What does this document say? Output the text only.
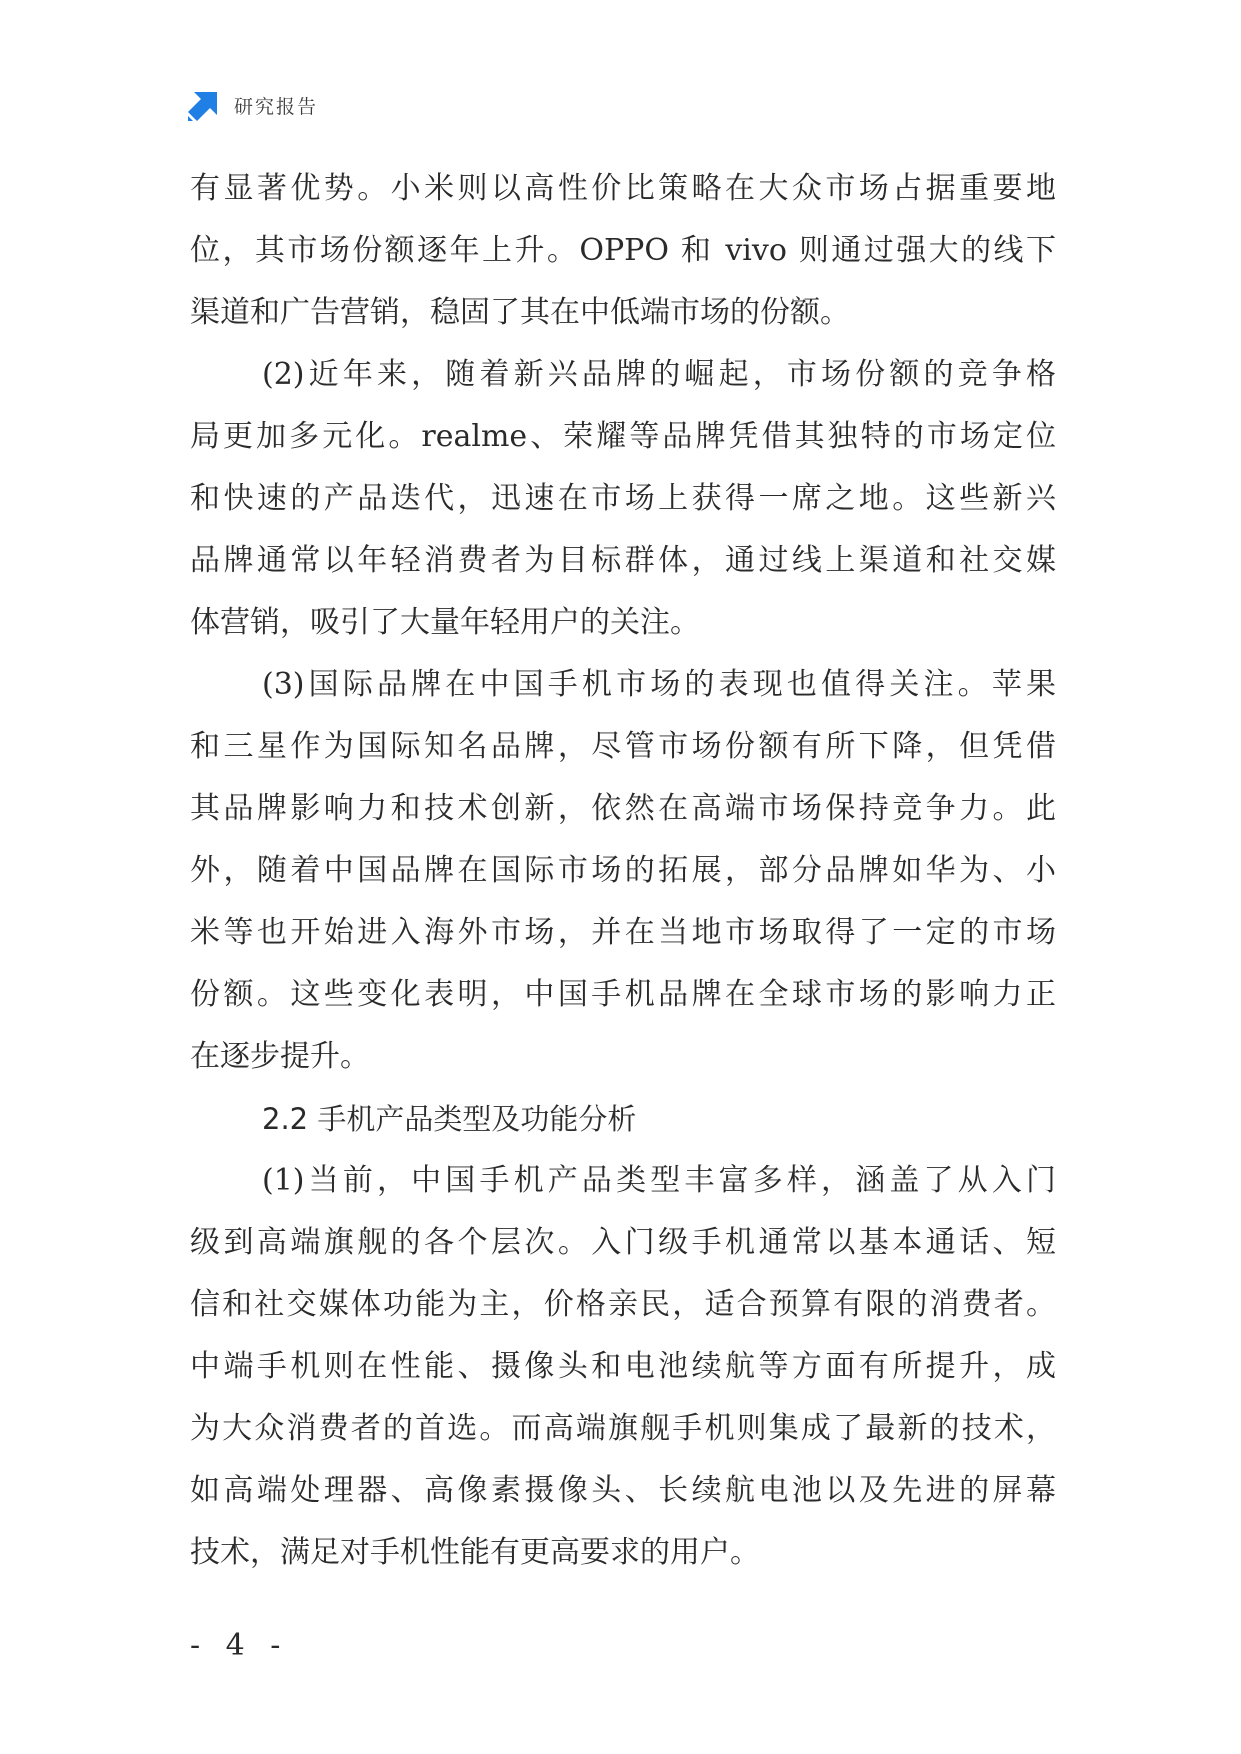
研究报告
有显著优势。小米则以高性价比策略在大众市场占据重要地
位，其市场份额逐年上升。OPPO 和 vivo 则通过强大的线下
渠道和广告营销，稳固了其在中低端市场的份额。
(2)近年来，随着新兴品牌的崛起，市场份额的竞争格
局更加多元化。realme、荣耀等品牌凭借其独特的市场定位
和快速的产品迭代，迅速在市场上获得一席之地。这些新兴
品牌通常以年轻消费者为目标群体，通过线上渠道和社交媒
体营销，吸引了大量年轻用户的关注。
(3)国际品牌在中国手机市场的表现也值得关注。苹果
和三星作为国际知名品牌，尽管市场份额有所下降，但凭借
其品牌影响力和技术创新，依然在高端市场保持竞争力。此
外，随着中国品牌在国际市场的拓展，部分品牌如华为、小
米等也开始进入海外市场，并在当地市场取得了一定的市场
份额。这些变化表明，中国手机品牌在全球市场的影响力正
在逐步提升。
2.2 手机产品类型及功能分析
(1)当前，中国手机产品类型丰富多样，涵盖了从入门
级到高端旗舰的各个层次。入门级手机通常以基本通话、短
信和社交媒体功能为主，价格亲民，适合预算有限的消费者。
中端手机则在性能、摄像头和电池续航等方面有所提升，成
为大众消费者的首选。而高端旗舰手机则集成了最新的技术，
如高端处理器、高像素摄像头、长续航电池以及先进的屏幕
技术，满足对手机性能有更高要求的用户。
- 4 -
